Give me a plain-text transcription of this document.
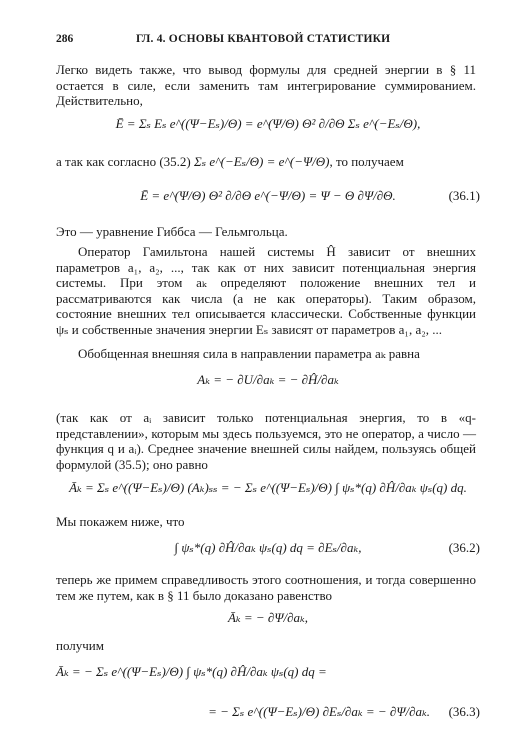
286	ГЛ. 4. ОСНОВЫ КВАНТОВОЙ СТАТИСТИКИ
Легко видеть также, что вывод формулы для средней энергии в § 11 остается в силе, если заменить там интегрирование суммированием. Действительно,
Ē = Σₛ Eₛ e^((Ψ−Eₛ)/Θ) = e^(Ψ/Θ) Θ² ∂/∂Θ Σₛ e^(−Eₛ/Θ),
а так как согласно (35.2)
Σₛ e^(−Eₛ/Θ) = e^(−Ψ/Θ) , то получаем
Ē = e^(Ψ/Θ) Θ² ∂/∂Θ e^(−Ψ/Θ) = Ψ − Θ ∂Ψ/∂Θ.	(36.1)
Это — уравнение Гиббса — Гельмгольца.
Оператор Гамильтона нашей системы Ĥ зависит от внешних параметров a₁, a₂, ..., так как от них зависит потенциальная энергия системы. При этом aₖ определяют положение внешних тел и рассматриваются как числа (а не как операторы). Таким образом, состояние внешних тел описывается классически. Собственные функции ψₛ и собственные значения энергии Eₛ зависят от параметров a₁, a₂, ...
Обобщенная внешняя сила в направлении параметра aₖ равна
Aₖ = − ∂U/∂aₖ = − ∂Ĥ/∂aₖ
(так как от aᵢ зависит только потенциальная энергия, то в «q-представлении», которым мы здесь пользуемся, это не оператор, а число — функция q и aᵢ). Среднее значение внешней силы найдем, пользуясь общей формулой (35.5); оно равно
Āₖ = Σₛ e^((Ψ−Eₛ)/Θ) (Aₖ)ₛₛ = − Σₛ e^((Ψ−Eₛ)/Θ) ∫ ψₛ*(q) ∂Ĥ/∂aₖ ψₛ(q) dq.
Мы покажем ниже, что
∫ ψₛ*(q) ∂Ĥ/∂aₖ ψₛ(q) dq = ∂Eₛ/∂aₖ,	(36.2)
теперь же примем справедливость этого соотношения, и тогда совершенно тем же путем, как в § 11 было доказано равенство
Āₖ = − ∂Ψ/∂aₖ,
получим
Āₖ = − Σₛ e^((Ψ−Eₛ)/Θ) ∫ ψₛ*(q) ∂Ĥ/∂aₖ ψₛ(q) dq =
= − Σₛ e^((Ψ−Eₛ)/Θ) ∂Eₛ/∂aₖ = − ∂Ψ/∂aₖ. (36.3)
